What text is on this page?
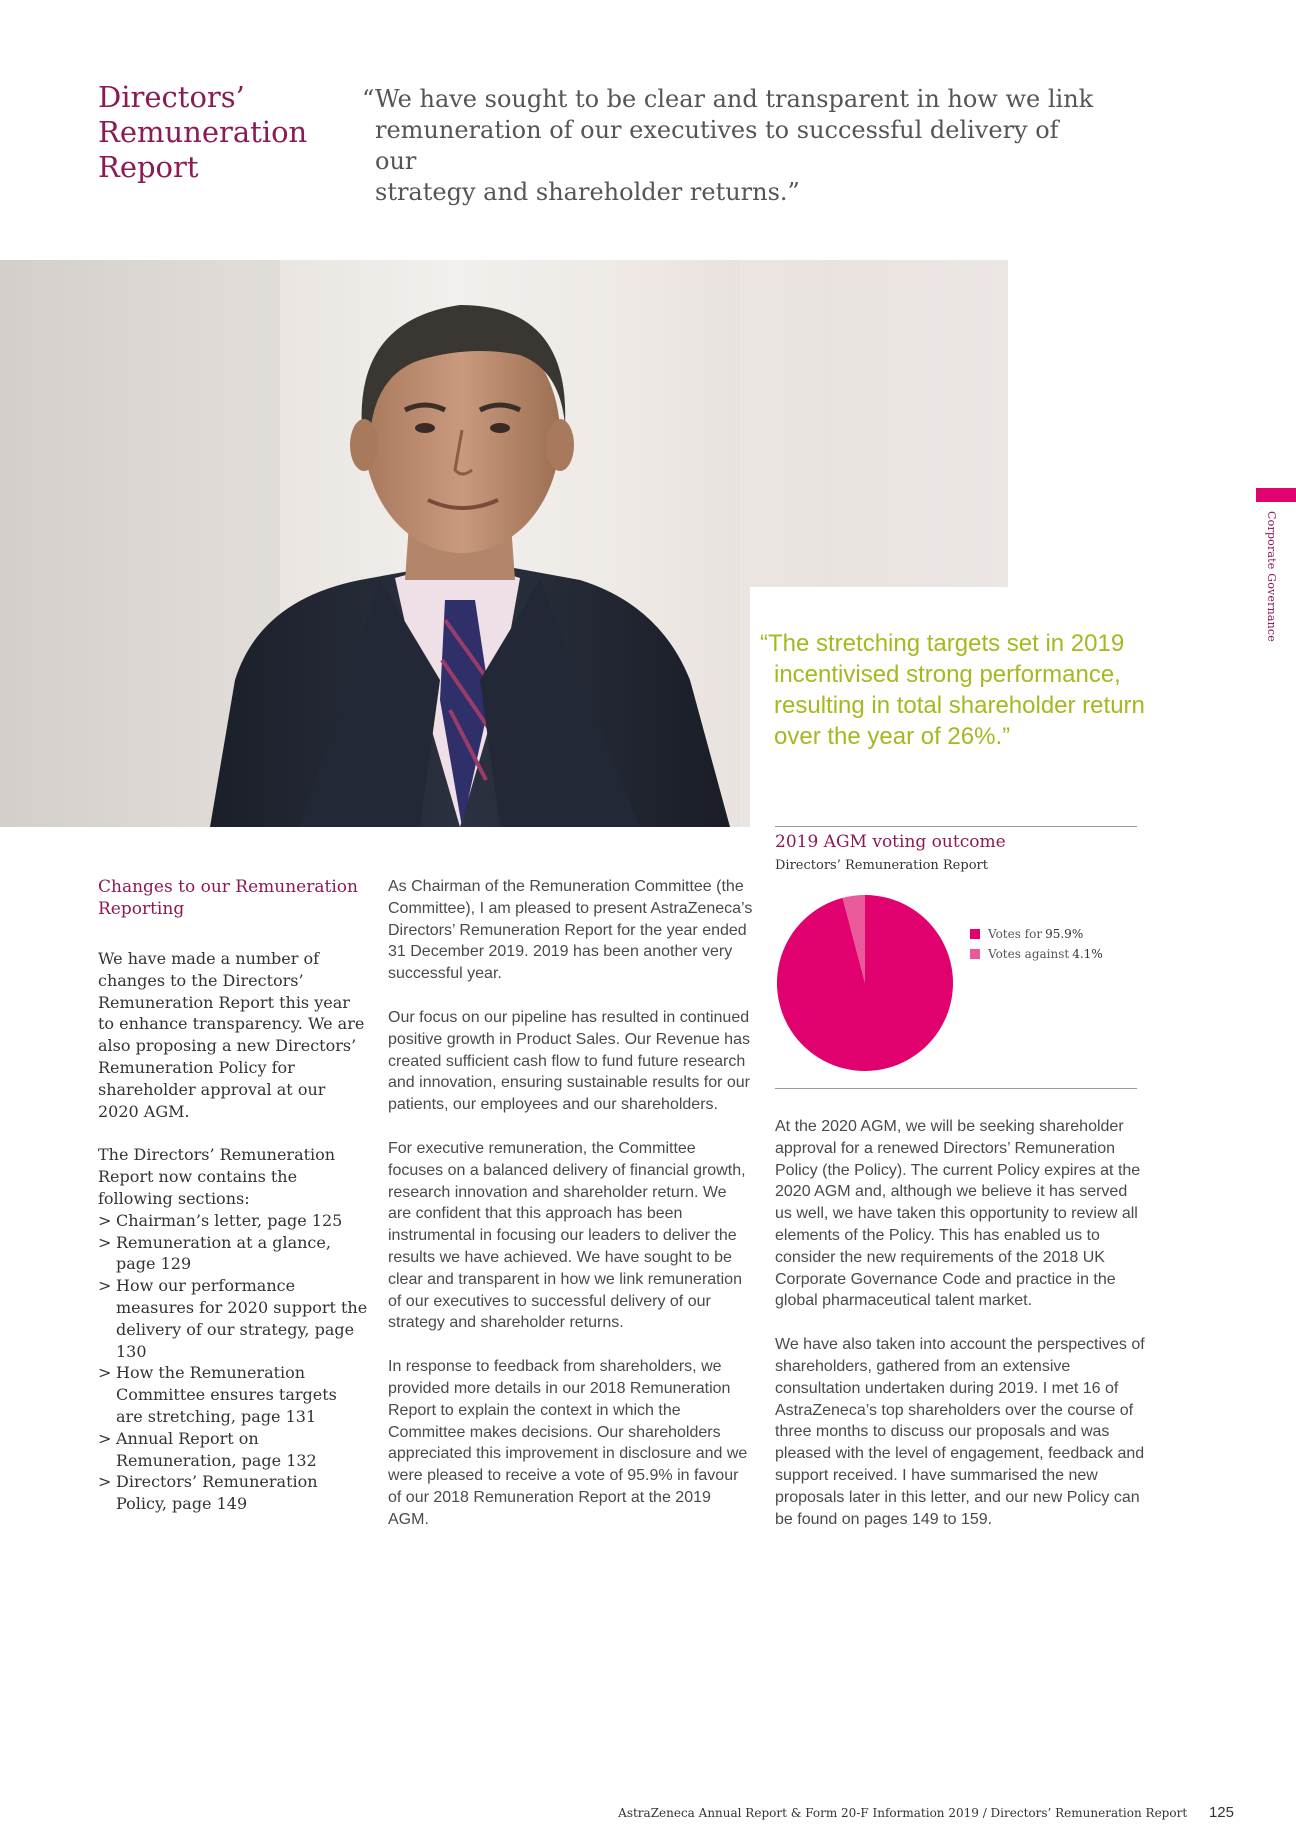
Directors’
Remuneration
Report

“We have sought to be clear and transparent in how we link
remuneration of our executives to successful delivery of our
strategy and shareholder returns.”

Corporate Governance

“The stretching targets set in 2019
incentivised strong performance,
resulting in total shareholder return
over the year of 26%.”

2019 AGM voting outcome
Directors’ Remuneration Report
Votes for 95.9%
Votes against 4.1%
Changes to our Remuneration Reporting

We have made a number of changes to the Directors’ Remuneration Report this year to enhance transparency. We are also proposing a new Directors’ Remuneration Policy for shareholder approval at our 2020 AGM.

The Directors’ Remuneration Report now contains the following sections:

> Chairman’s letter, page 125
> Remuneration at a glance, page 129
> How our performance measures for 2020 support the delivery of our strategy, page 130
> How the Remuneration Committee ensures targets are stretching, page 131
> Annual Report on Remuneration, page 132
> Directors’ Remuneration Policy, page 149

As Chairman of the Remuneration Committee (the Committee), I am pleased to present AstraZeneca’s Directors’ Remuneration Report for the year ended 31 December 2019. 2019 has been another very successful year.

Our focus on our pipeline has resulted in continued positive growth in Product Sales. Our Revenue has created sufficient cash flow to fund future research and innovation, ensuring sustainable results for our patients, our employees and our shareholders.

For executive remuneration, the Committee focuses on a balanced delivery of financial growth, research innovation and shareholder return. We are confident that this approach has been instrumental in focusing our leaders to deliver the results we have achieved. We have sought to be clear and transparent in how we link remuneration of our executives to successful delivery of our strategy and shareholder returns.

In response to feedback from shareholders, we provided more details in our 2018 Remuneration Report to explain the context in which the Committee makes decisions. Our shareholders appreciated this improvement in disclosure and we were pleased to receive a vote of 95.9% in favour of our 2018 Remuneration Report at the 2019 AGM.

At the 2020 AGM, we will be seeking shareholder approval for a renewed Directors’ Remuneration Policy (the Policy). The current Policy expires at the 2020 AGM and, although we believe it has served us well, we have taken this opportunity to review all elements of the Policy. This has enabled us to consider the new requirements of the 2018 UK Corporate Governance Code and practice in the global pharmaceutical talent market.

We have also taken into account the perspectives of shareholders, gathered from an extensive consultation undertaken during 2019. I met 16 of AstraZeneca’s top shareholders over the course of three months to discuss our proposals and was pleased with the level of engagement, feedback and support received. I have summarised the new proposals later in this letter, and our new Policy can be found on pages 149 to 159.

AstraZeneca Annual Report & Form 20-F Information 2019 / Directors’ Remuneration Report 125
